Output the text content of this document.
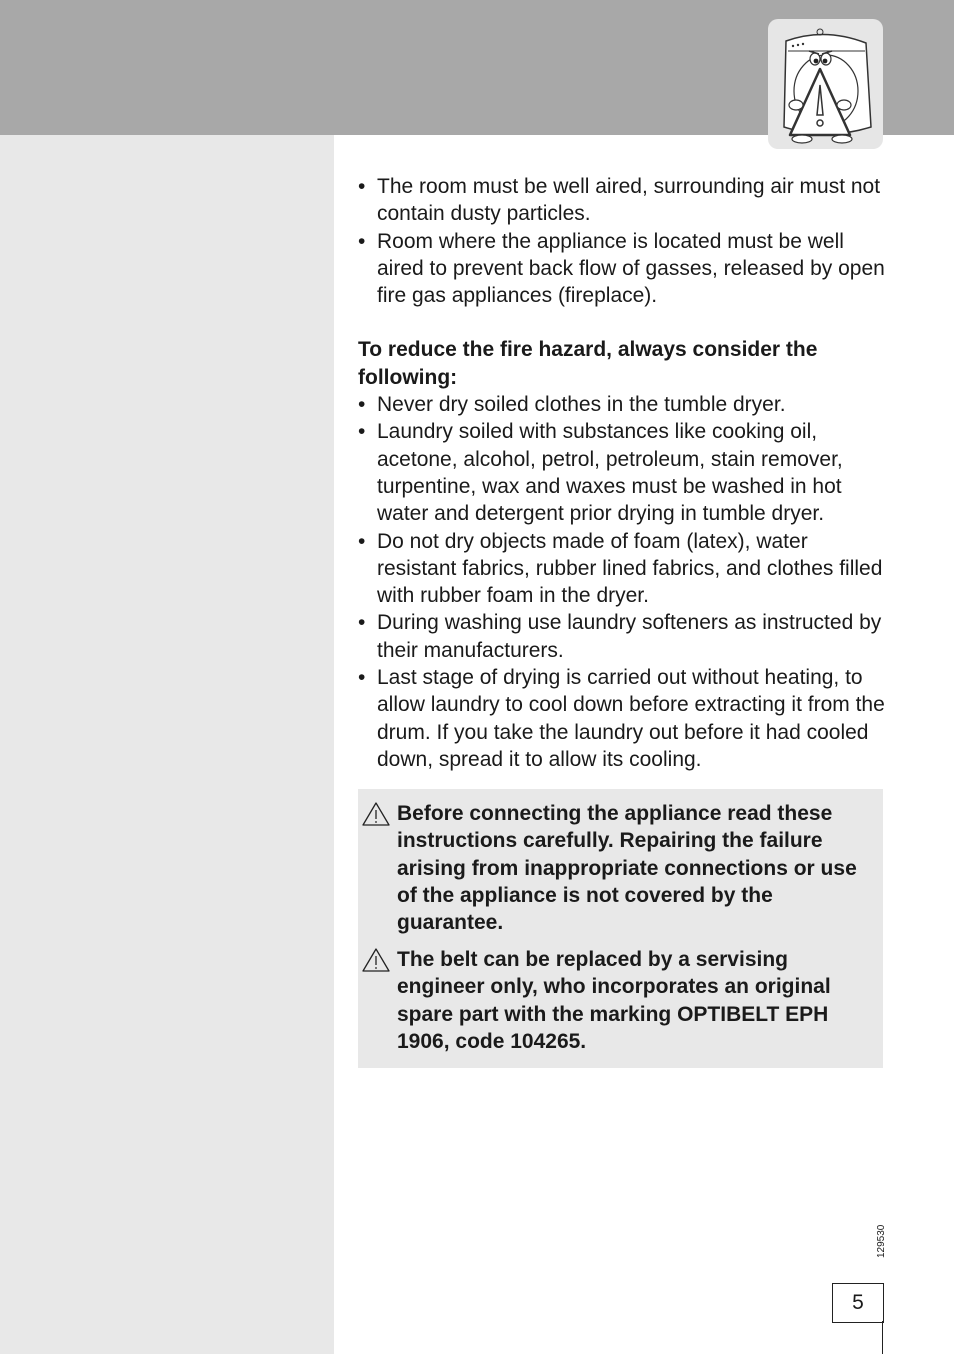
• The room must be well aired, surrounding air must not contain dusty particles.
• Room where the appliance is located must be well aired to prevent back flow of gasses, released by open fire gas appliances (fireplace).
To reduce the fire hazard, always consider the following:
• Never dry soiled clothes in the tumble dryer.
• Laundry soiled with substances like cooking oil, acetone, alcohol, petrol, petroleum, stain remover, turpentine, wax and waxes must be washed in hot water and detergent prior drying in tumble dryer.
• Do not dry objects made of foam (latex), water resistant fabrics, rubber lined fabrics, and clothes filled with rubber foam in the dryer.
• During washing use laundry softeners as instructed by their manufacturers.
• Last stage of drying is carried out without heating, to allow laundry to cool down before extracting it from the drum. If you take the laundry out before it had cooled down, spread it to allow its cooling.
Before connecting the appliance read these instructions carefully. Repairing the failure arising from inappropriate connections or use of the appliance is not covered by the guarantee.
The belt can be replaced by a servising engineer only, who incorporates an original spare part with the marking OPTIBELT EPH 1906, code 104265.
129530
5
